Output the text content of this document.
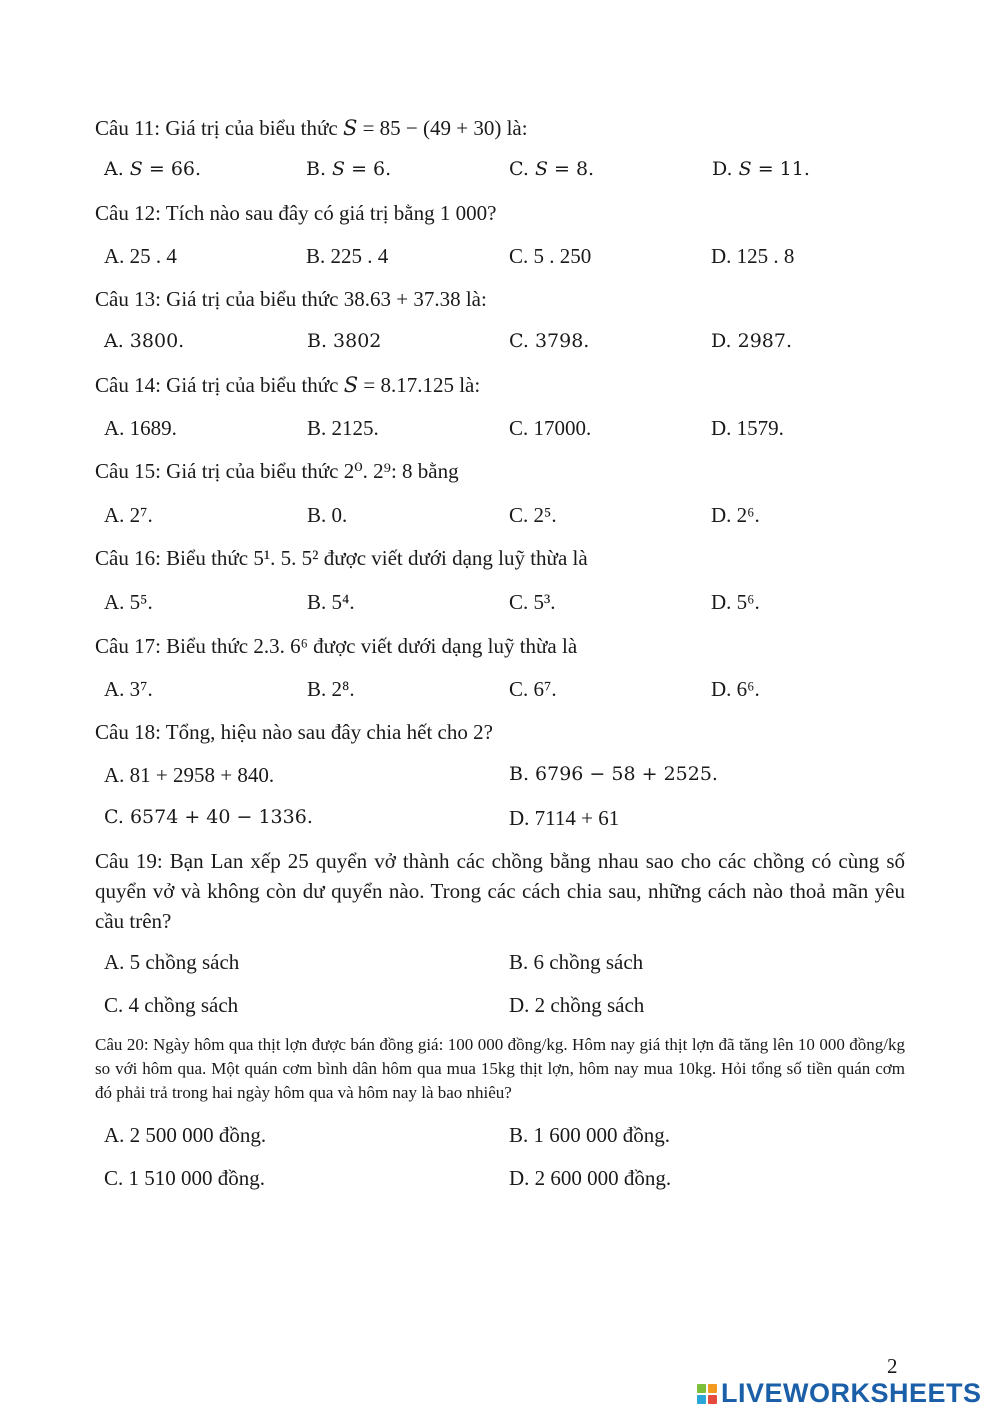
Câu 11: Giá trị của biểu thức 𝑆 = 85 − (49 + 30) là:
A. 𝑆 = 66.	B. 𝑆 = 6.	C. 𝑆 = 8.	D. 𝑆 = 11.
Câu 12: Tích nào sau đây có giá trị bằng 1 000?
A. 25 . 4	B. 225 . 4	C. 5 . 250	D. 125 . 8
Câu 13: Giá trị của biểu thức 38.63 + 37.38 là:
A. 3800.	B. 3802	C. 3798.	D. 2987.
Câu 14: Giá trị của biểu thức 𝑆 = 8.17.125 là:
A. 1689.	B. 2125.	C. 17000.	D. 1579.
Câu 15: Giá trị của biểu thức 2⁰. 2⁹: 8 bằng
A. 2⁷.	B. 0.	C. 2⁵.	D. 2⁶.
Câu 16: Biểu thức 5¹. 5. 5² được viết dưới dạng luỹ thừa là
A. 5⁵.	B. 5⁴.	C. 5³.	D. 5⁶.
Câu 17: Biểu thức 2.3. 6⁶ được viết dưới dạng luỹ thừa là
A. 3⁷.	B. 2⁸.	C. 6⁷.	D. 6⁶.
Câu 18: Tổng, hiệu nào sau đây chia hết cho 2?
A. 81 + 2958 + 840.	B. 6796 − 58 + 2525.
C. 6574 + 40 − 1336.	D. 7114 + 61
Câu 19: Bạn Lan xếp 25 quyển vở thành các chồng bằng nhau sao cho các chồng có cùng số quyển vở và không còn dư quyển nào. Trong các cách chia sau, những cách nào thoả mãn yêu cầu trên?
A. 5 chồng sách	B. 6 chồng sách
C. 4 chồng sách	D. 2 chồng sách
Câu 20: Ngày hôm qua thịt lợn được bán đồng giá: 100 000 đồng/kg. Hôm nay giá thịt lợn đã tăng lên 10 000 đồng/kg so với hôm qua. Một quán cơm bình dân hôm qua mua 15kg thịt lợn, hôm nay mua 10kg. Hỏi tổng số tiền quán cơm đó phải trả trong hai ngày hôm qua và hôm nay là bao nhiêu?
A. 2 500 000 đồng.	B. 1 600 000 đồng.
C. 1 510 000 đồng.	D. 2 600 000 đồng.
2
LIVEWORKSHEETS
